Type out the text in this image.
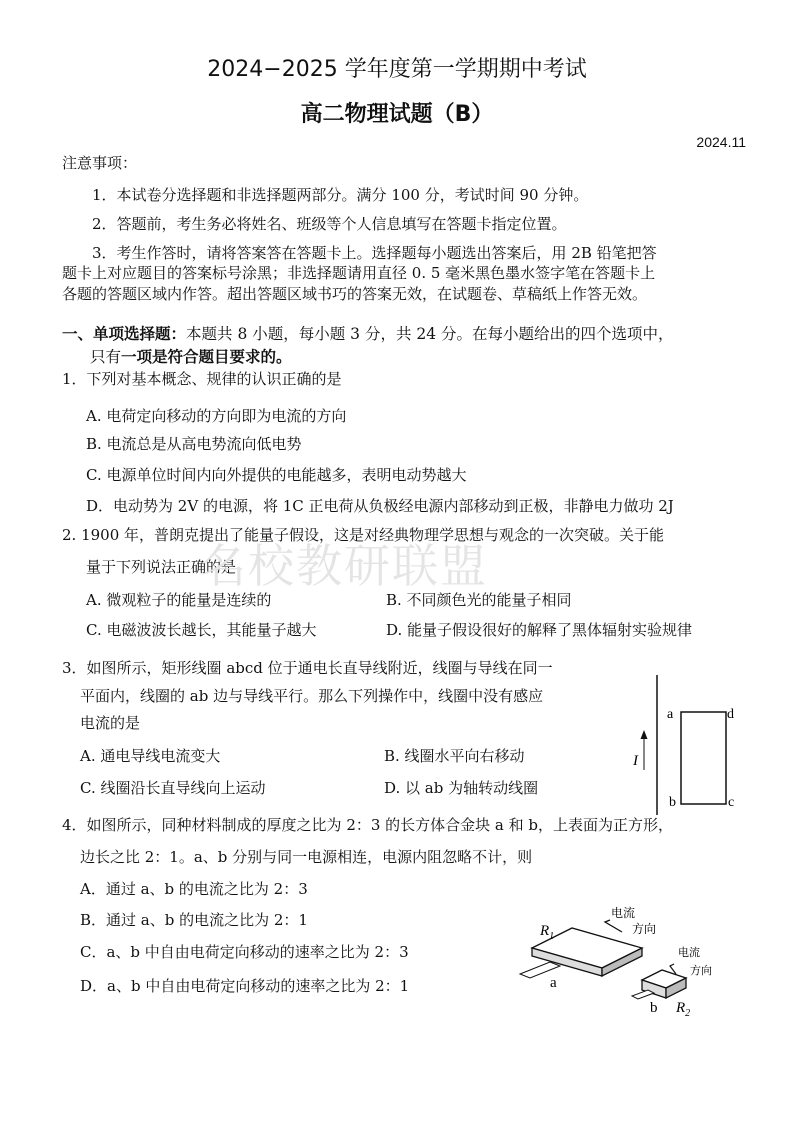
2024−2025 学年度第一学期期中考试
高二物理试题（B）
2024.11
注意事项：
1．本试卷分选择题和非选择题两部分。满分 100 分，考试时间 90 分钟。
2．答题前，考生务必将姓名、班级等个人信息填写在答题卡指定位置。
3．考生作答时，请将答案答在答题卡上。选择题每小题选出答案后，用 2B 铅笔把答
题卡上对应题目的答案标号涂黑；非选择题请用直径 0. 5 毫米黑色墨水签字笔在答题卡上
各题的答题区域内作答。超出答题区域书巧的答案无效，在试题卷、草稿纸上作答无效。
一、单项选择题：本题共 8 小题，每小题 3 分，共 24 分。在每小题给出的四个选项中，
只有一项是符合题目要求的。
1．下列对基本概念、规律的认识正确的是
A. 电荷定向移动的方向即为电流的方向
B. 电流总是从高电势流向低电势
C. 电源单位时间内向外提供的电能越多，表明电动势越大
D．电动势为 2V 的电源，将 1C 正电荷从负极经电源内部移动到正极，非静电力做功 2J
2. 1900 年，普朗克提出了能量子假设，这是对经典物理学思想与观念的一次突破。关于能
量于下列说法正确的是
A. 微观粒子的能量是连续的	B. 不同颜色光的能量子相同
C. 电磁波波长越长，其能量子越大	D. 能量子假设很好的解释了黑体辐射实验规律
名校教研联盟
3．如图所示，矩形线圈 abcd 位于通电长直导线附近，线圈与导线在同一
平面内，线圈的 ab 边与导线平行。那么下列操作中，线圈中没有感应
电流的是
A. 通电导线电流变大	B. 线圈水平向右移动
C. 线圈沿长直导线向上运动	D. 以 ab 为轴转动线圈
I
a	d
b	c
4．如图所示，同种材料制成的厚度之比为 2：3 的长方体合金块 a 和 b，上表面为正方形，
边长之比 2：1。a、b 分别与同一电源相连，电源内阻忽略不计，则
A．通过 a、b 的电流之比为 2：3
B．通过 a、b 的电流之比为 2：1
C．a、b 中自由电荷定向移动的速率之比为 2：3
D．a、b 中自由电荷定向移动的速率之比为 2：1
电流
方向
$R_1$
a
电流
方向
b $R_2$
